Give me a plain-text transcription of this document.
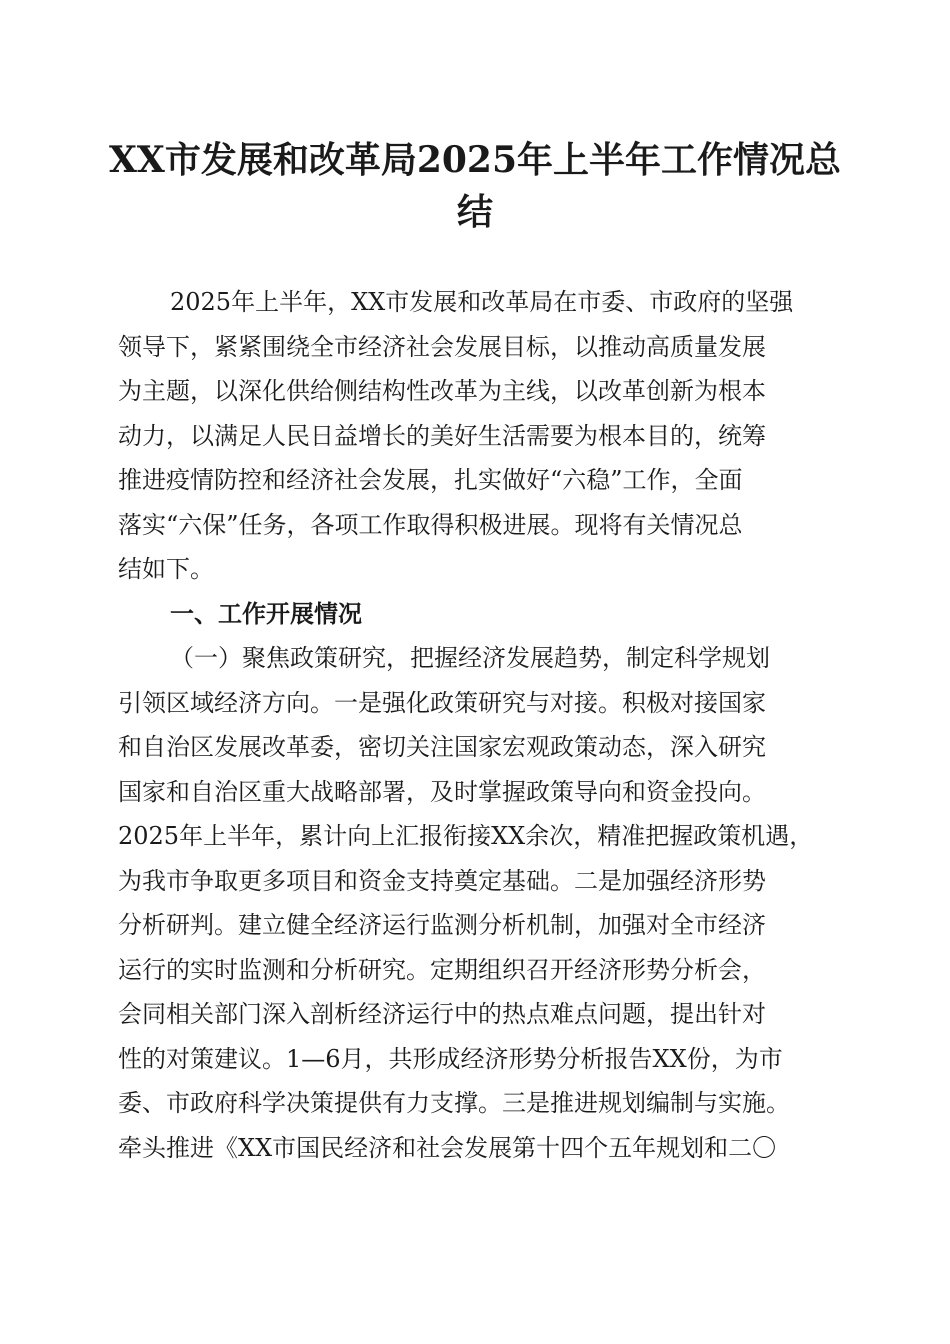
XX市发展和改革局2025年上半年工作情况总
结
2025年上半年，XX市发展和改革局在市委、市政府的坚强
领导下，紧紧围绕全市经济社会发展目标，以推动高质量发展
为主题，以深化供给侧结构性改革为主线，以改革创新为根本
动力，以满足人民日益增长的美好生活需要为根本目的，统筹
推进疫情防控和经济社会发展，扎实做好“六稳”工作，全面
落实“六保”任务，各项工作取得积极进展。现将有关情况总
结如下。
一、工作开展情况
（一）聚焦政策研究，把握经济发展趋势，制定科学规划
引领区域经济方向。一是强化政策研究与对接。积极对接国家
和自治区发展改革委，密切关注国家宏观政策动态，深入研究
国家和自治区重大战略部署，及时掌握政策导向和资金投向。
2025年上半年，累计向上汇报衔接XX余次，精准把握政策机遇，
为我市争取更多项目和资金支持奠定基础。二是加强经济形势
分析研判。建立健全经济运行监测分析机制，加强对全市经济
运行的实时监测和分析研究。定期组织召开经济形势分析会，
会同相关部门深入剖析经济运行中的热点难点问题，提出针对
性的对策建议。1—6月，共形成经济形势分析报告XX份，为市
委、市政府科学决策提供有力支撑。三是推进规划编制与实施。
牵头推进《XX市国民经济和社会发展第十四个五年规划和二〇
